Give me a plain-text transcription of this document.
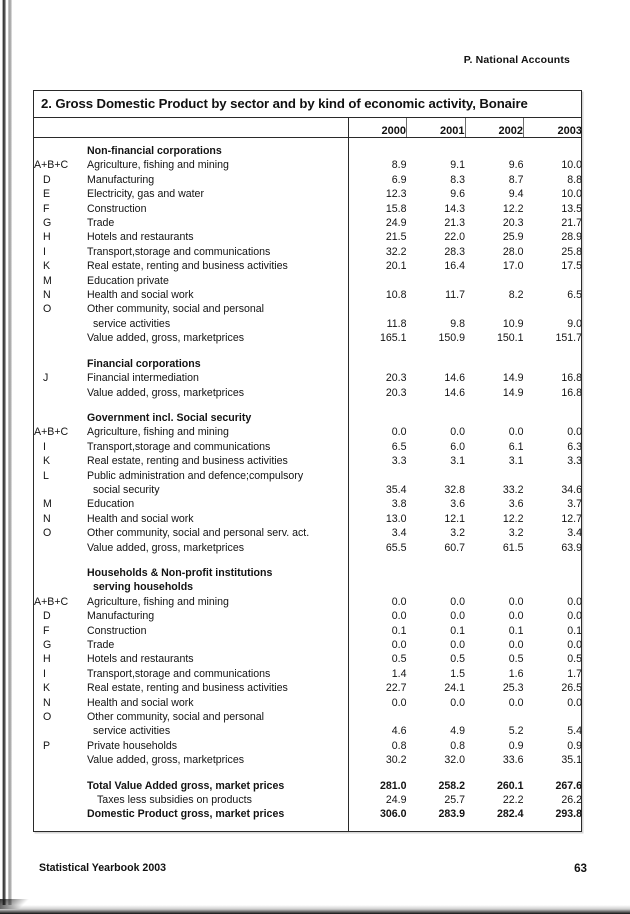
P. National Accounts
2. Gross Domestic Product by sector and by kind of economic activity, Bonaire
		2000	2001	2002	2003

	Non-financial corporations				
A+B+C	Agriculture, fishing and mining	8.9	9.1	9.6	10.0
D	Manufacturing	6.9	8.3	8.7	8.8
E	Electricity, gas and water	12.3	9.6	9.4	10.0
F	Construction	15.8	14.3	12.2	13.5
G	Trade	24.9	21.3	20.3	21.7
H	Hotels and restaurants	21.5	22.0	25.9	28.9
I	Transport,storage and communications	32.2	28.3	28.0	25.8
K	Real estate, renting and business activities	20.1	16.4	17.0	17.5
M	Education private				
N	Health and social work	10.8	11.7	8.2	6.5
O	Other community, social and personal				
	service activities	11.8	9.8	10.9	9.0
	Value added, gross, marketprices	165.1	150.9	150.1	151.7

	Financial corporations				
J	Financial intermediation	20.3	14.6	14.9	16.8
	Value added, gross, marketprices	20.3	14.6	14.9	16.8

	Government incl. Social security				
A+B+C	Agriculture, fishing and mining	0.0	0.0	0.0	0.0
I	Transport,storage and communications	6.5	6.0	6.1	6.3
K	Real estate, renting and business activities	3.3	3.1	3.1	3.3
L	Public administration and defence;compulsory				
	social security	35.4	32.8	33.2	34.6
M	Education	3.8	3.6	3.6	3.7
N	Health and social work	13.0	12.1	12.2	12.7
O	Other community, social and personal serv. act.	3.4	3.2	3.2	3.4
	Value added, gross, marketprices	65.5	60.7	61.5	63.9

	Households & Non-profit institutions				
	serving households				
A+B+C	Agriculture, fishing and mining	0.0	0.0	0.0	0.0
D	Manufacturing	0.0	0.0	0.0	0.0
F	Construction	0.1	0.1	0.1	0.1
G	Trade	0.0	0.0	0.0	0.0
H	Hotels and restaurants	0.5	0.5	0.5	0.5
I	Transport,storage and communications	1.4	1.5	1.6	1.7
K	Real estate, renting and business activities	22.7	24.1	25.3	26.5
N	Health and social work	0.0	0.0	0.0	0.0
O	Other community, social and personal				
	service activities	4.6	4.9	5.2	5.4
P	Private households	0.8	0.8	0.9	0.9
	Value added, gross, marketprices	30.2	32.0	33.6	35.1

	Total Value Added gross, market prices	281.0	258.2	260.1	267.6
	Taxes less subsidies on products	24.9	25.7	22.2	26.2
	Domestic Product gross, market prices	306.0	283.9	282.4	293.8

Statistical Yearbook 2003	63
